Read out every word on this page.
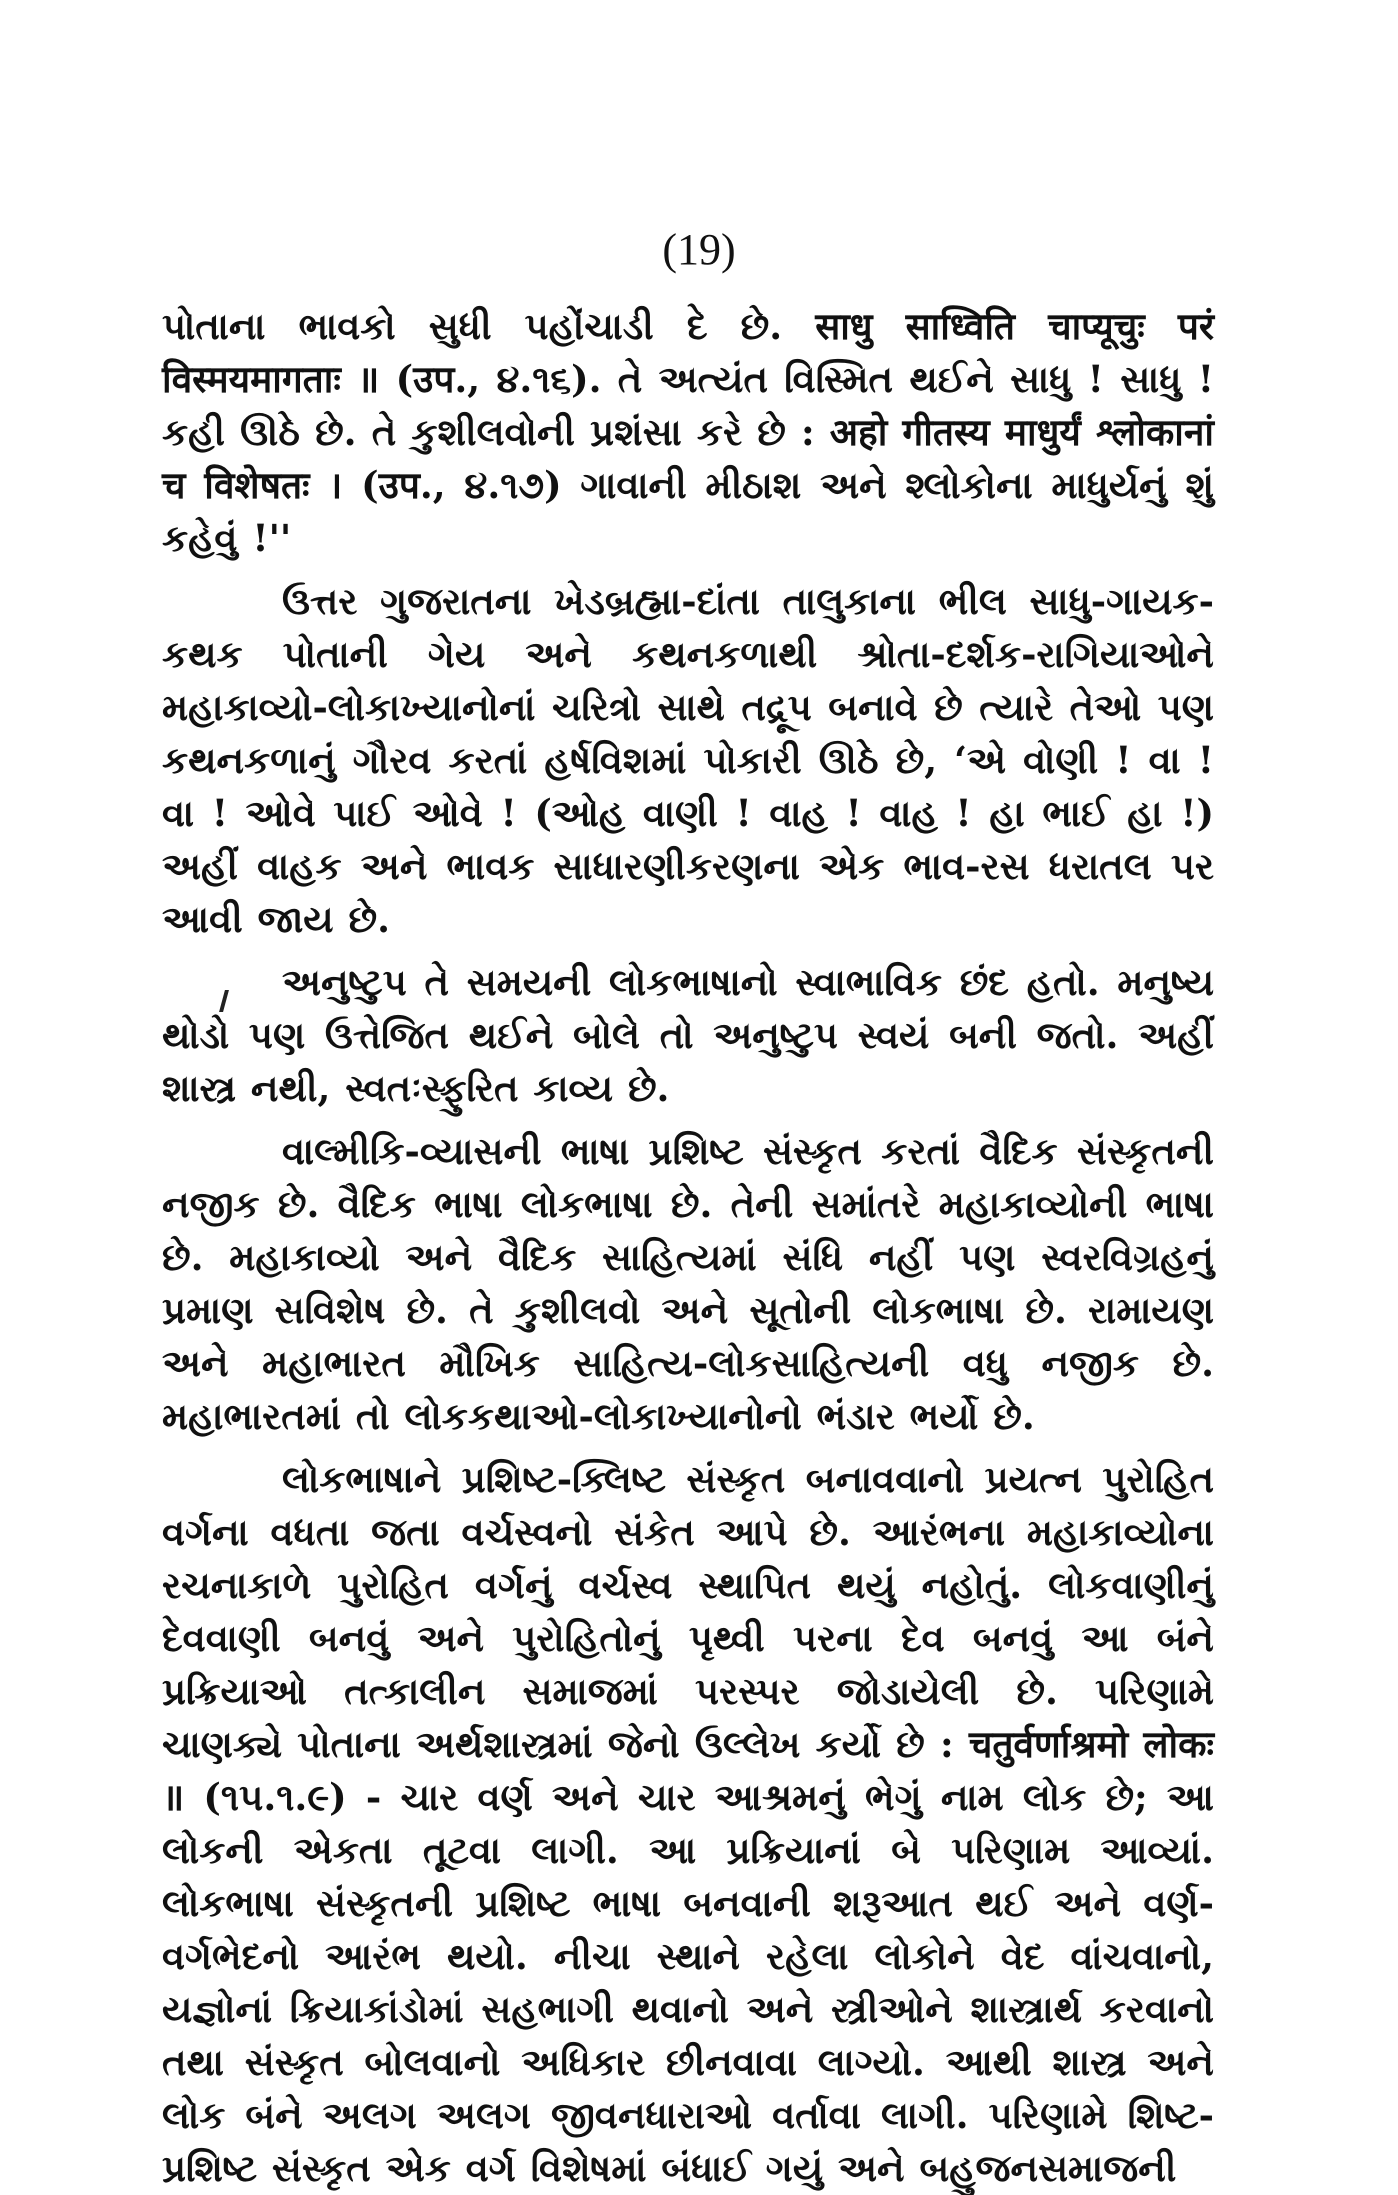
(19)

પોતાના ભાવકો સુધી પહોંચાડી દે છે. साधु साध्विति चाप्यूचुः परं विस्मयमागताः ॥ (उप., ૪.૧૬). તે અત્યંત વિસ્મિત થઈને સાધુ ! સાધુ ! કહી ઊઠે છે. તે કુશીલવોની પ્રશંસા કરે છે : अहो गीतस्य माधुर्यं श्लोकानां च विशेषतः । (उप., ૪.૧૭) ગાવાની મીઠાશ અને શ્લોકોના માધુર્યનું શું કહેવું !''

ઉત્તર ગુજરાતના ખેડબ્રહ્મા-દાંતા તાલુકાના ભીલ સાધુ-ગાયક-કથક પોતાની ગેય અને કથનકળાથી શ્રોતા-દર્શક-રાગિયાઓને મહાકાવ્યો-લોકાખ્યાનોનાં ચરિત્રો સાથે તદ્રૂપ બનાવે છે ત્યારે તેઓ પણ કથનકળાનું ગૌરવ કરતાં હર્ષવિશમાં પોકારી ઊઠે છે, ‘એ વોણી ! વા ! વા ! ઓવે પાઈ ઓવે ! (ઓહ વાણી ! વાહ ! વાહ ! હા ભાઈ હા !) અહીં વાહક અને ભાવક સાધારણીકરણના એક ભાવ-રસ ધરાતલ પર આવી જાય છે.

અનુષ્ટુપ તે સમયની લોકભાષાનો સ્વાભાવિક છંદ હતો. મનુષ્ય થોડો પણ ઉત્તેજિત થઈને બોલે તો અનુષ્ટુપ સ્વયં બની જતો. અહીં શાસ્ત્ર નથી, સ્વતઃસ્ફુરિત કાવ્ય છે.

વાલ્મીકિ-વ્યાસની ભાષા પ્રશિષ્ટ સંસ્કૃત કરતાં વૈદિક સંસ્કૃતની નજીક છે. વૈદિક ભાષા લોકભાષા છે. તેની સમાંતરે મહાકાવ્યોની ભાષા છે. મહાકાવ્યો અને વૈદિક સાહિત્યમાં સંધિ નહીં પણ સ્વરવિગ્રહનું પ્રમાણ સવિશેષ છે. તે કુશીલવો અને સૂતોની લોકભાષા છે. રામાયણ અને મહાભારત મૌખિક સાહિત્ય-લોકસાહિત્યની વધુ નજીક છે. મહાભારતમાં તો લોકકથાઓ-લોકાખ્યાનોનો ભંડાર ભર્યો છે.

લોકભાષાને પ્રશિષ્ટ-ક્લિષ્ટ સંસ્કૃત બનાવવાનો પ્રયત્ન પુરોહિત વર્ગના વધતા જતા વર્ચસ્વનો સંકેત આપે છે. આરંભના મહાકાવ્યોના રચનાકાળે પુરોહિત વર્ગનું વર્ચસ્વ સ્થાપિત થયું નહોતું. લોકવાણીનું દેવવાણી બનવું અને પુરોહિતોનું પૃથ્વી પરના દેવ બનવું આ બંને પ્રક્રિયાઓ તત્કાલીન સમાજમાં પરસ્પર જોડાયેલી છે. પરિણામે ચાણક્યે પોતાના અર્થશાસ્ત્રમાં જેનો ઉલ્લેખ કર્યો છે : चतुर्वर्णाश्रमो लोकः ॥ (૧૫.૧.૯) - ચાર વર્ણ અને ચાર આશ્રમનું ભેગું નામ લોક છે; આ લોકની એકતા તૂટવા લાગી. આ પ્રક્રિયાનાં બે પરિણામ આવ્યાં. લોકભાષા સંસ્કૃતની પ્રશિષ્ટ ભાષા બનવાની શરૂઆત થઈ અને વર્ણ-વર્ગભેદનો આરંભ થયો. નીચા સ્થાને રહેલા લોકોને વેદ વાંચવાનો, યજ્ઞોનાં ક્રિયાકાંડોમાં સહભાગી થવાનો અને સ્ત્રીઓને શાસ્ત્રાર્થ કરવાનો તથા સંસ્કૃત બોલવાનો અધિકાર છીનવાવા લાગ્યો. આથી શાસ્ત્ર અને લોક બંને અલગ અલગ જીવનધારાઓ વર્તાવા લાગી. પરિણામે શિષ્ટ-પ્રશિષ્ટ સંસ્કૃત એક વર્ગ વિશેષમાં બંધાઈ ગયું અને બહુજનસમાજની
